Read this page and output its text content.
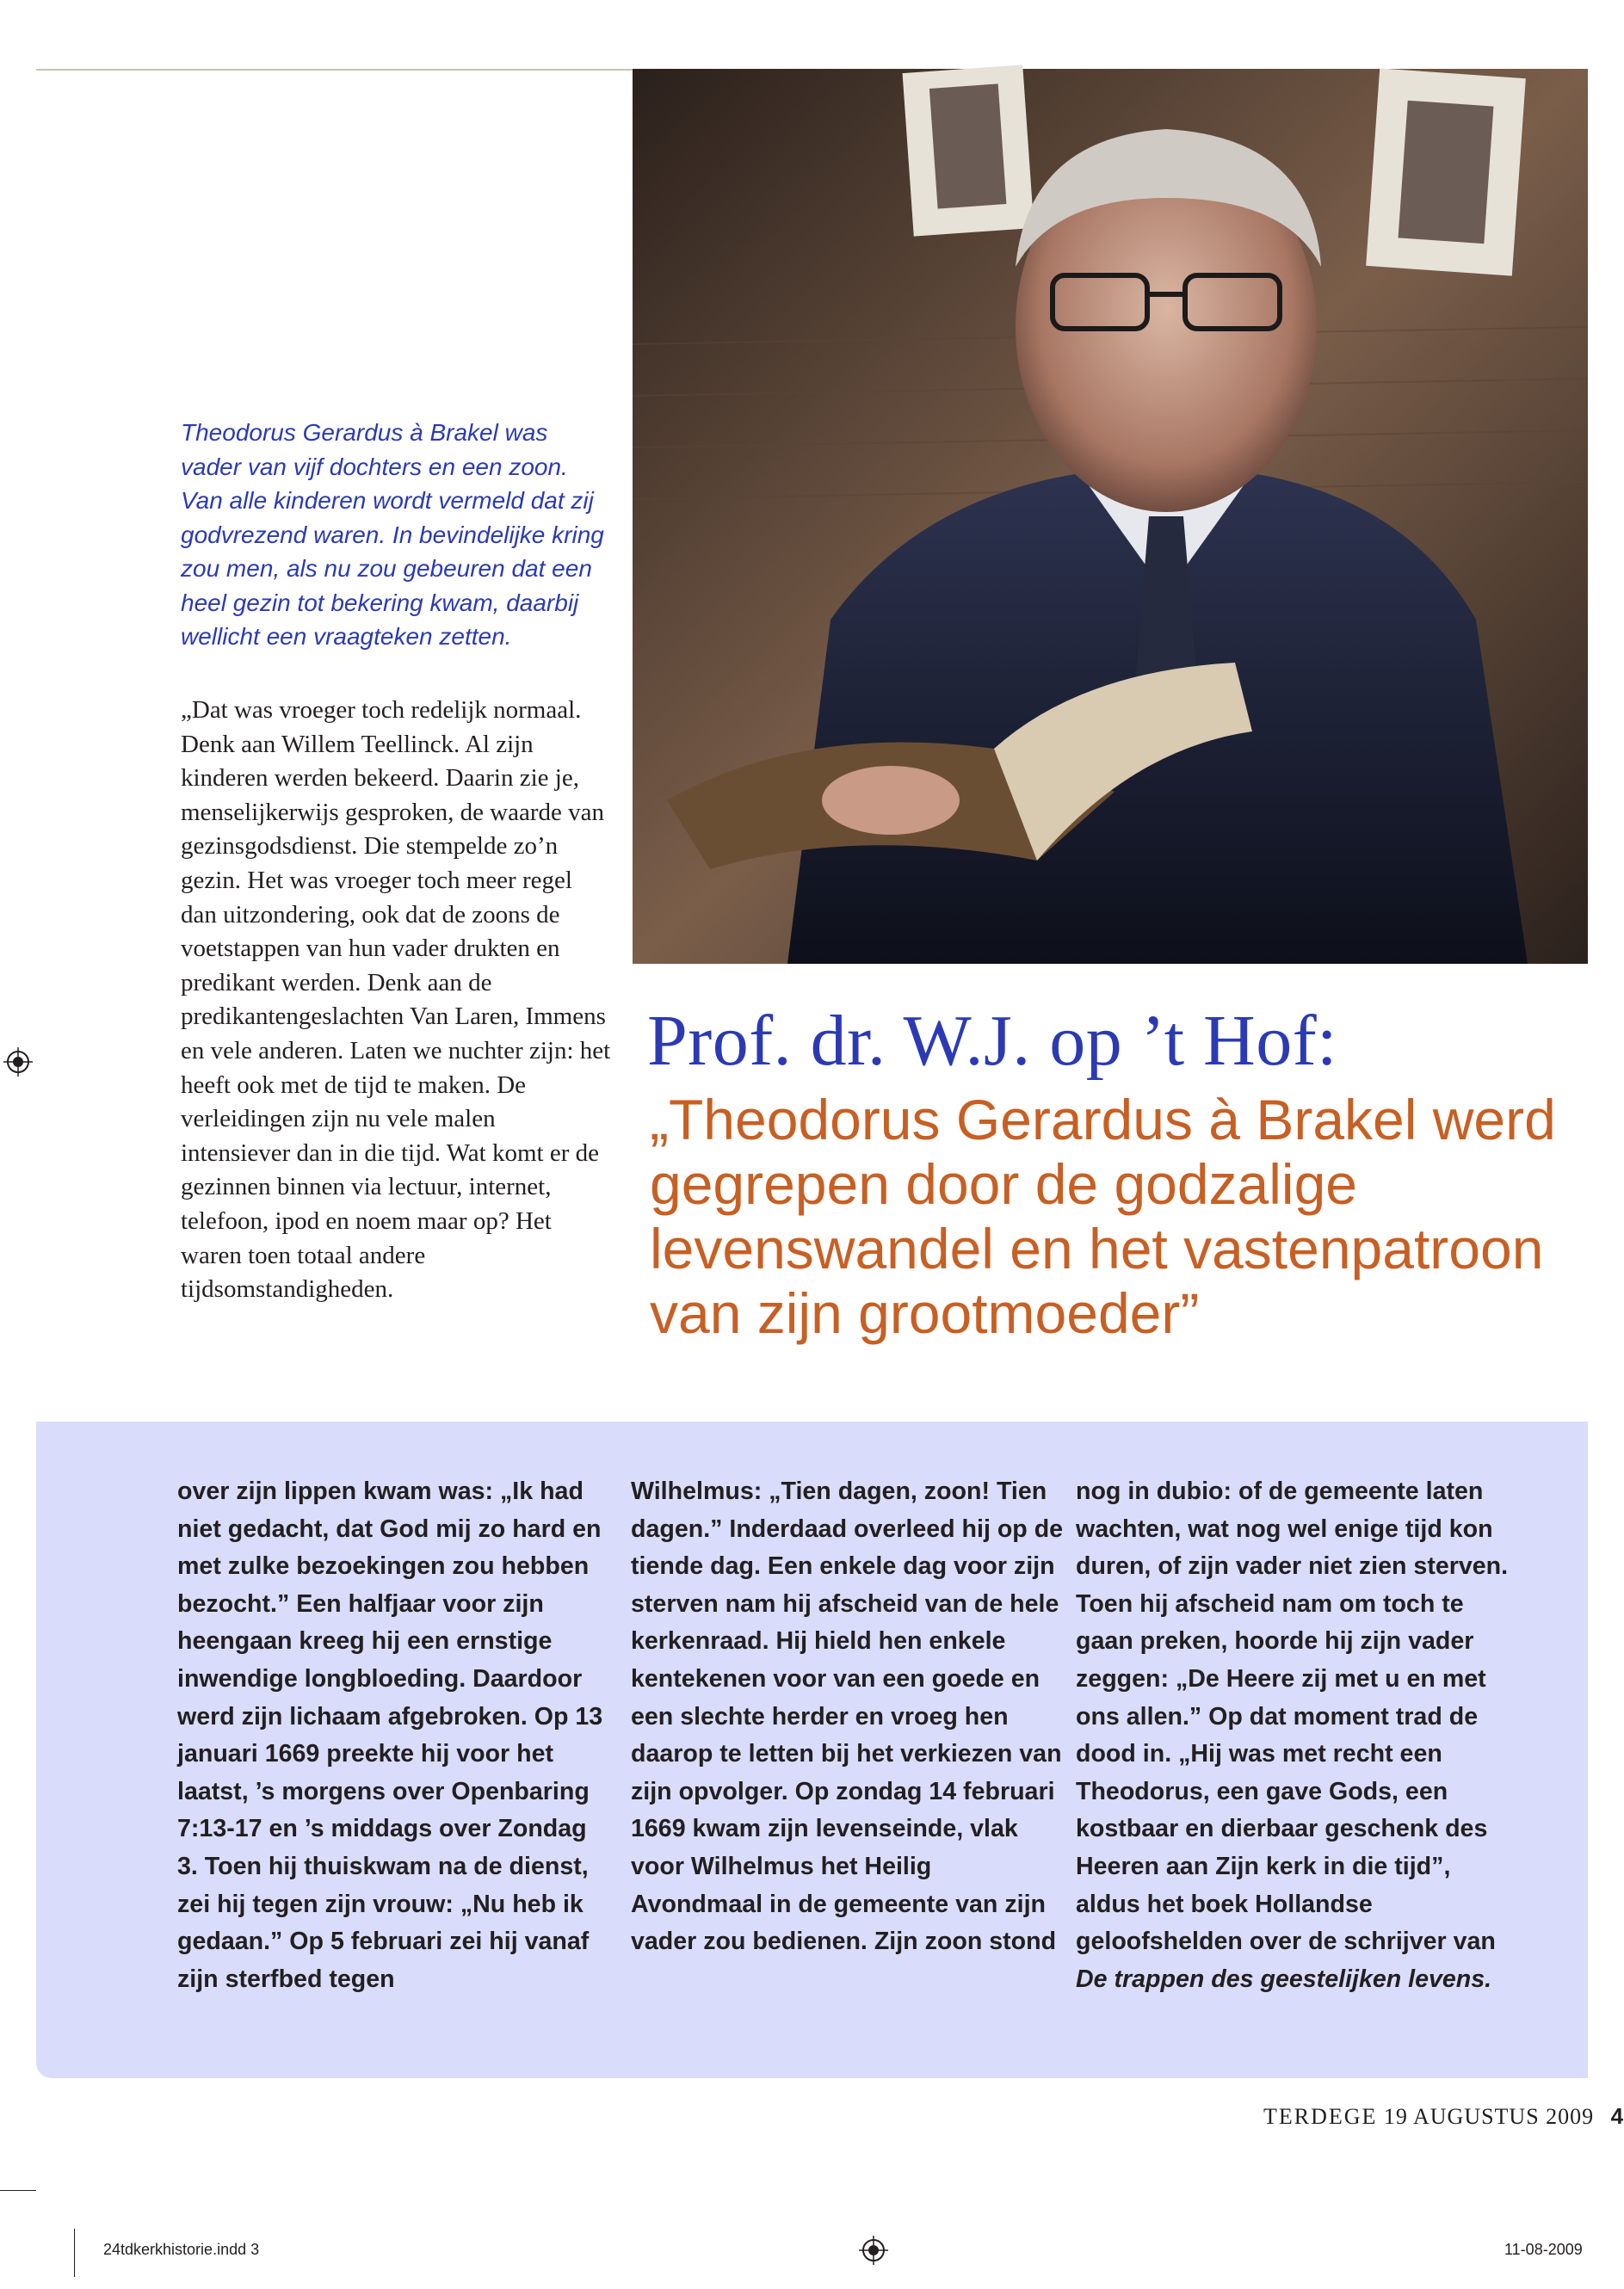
Theodorus Gerardus à Brakel was vader van vijf dochters en een zoon. Van alle kinderen wordt vermeld dat zij godvrezend waren. In bevindelijke kring zou men, als nu zou gebeuren dat een heel gezin tot bekering kwam, daarbij wellicht een vraagteken zetten.

„Dat was vroeger toch redelijk normaal. Denk aan Willem Teellinck. Al zijn kinderen werden bekeerd. Daarin zie je, menselijkerwijs gesproken, de waarde van gezinsgodsdienst. Die stempelde zo’n gezin. Het was vroeger toch meer regel dan uitzondering, ook dat de zoons de voetstappen van hun vader drukten en predikant werden. Denk aan de predikantengeslachten Van Laren, Immens en vele anderen. Laten we nuchter zijn: het heeft ook met de tijd te maken. De verleidingen zijn nu vele malen intensiever dan in die tijd. Wat komt er de gezinnen binnen via lectuur, internet, telefoon, ipod en noem maar op? Het waren toen totaal andere tijdsomstandigheden.

Prof. dr. W.J. op ’t Hof:

„Theodorus Gerardus à Brakel werd gegrepen door de godzalige levenswandel en het vastenpatroon van zijn grootmoeder”

over zijn lippen kwam was: „Ik had niet gedacht, dat God mij zo hard en met zulke bezoekingen zou hebben bezocht.” Een halfjaar voor zijn heengaan kreeg hij een ernstige inwendige longbloeding. Daardoor werd zijn lichaam afgebroken. Op 13 januari 1669 preekte hij voor het laatst, ’s morgens over Openbaring 7:13-17 en ’s middags over Zondag 3. Toen hij thuiskwam na de dienst, zei hij tegen zijn vrouw: „Nu heb ik gedaan.” Op 5 februari zei hij vanaf zijn sterfbed tegen

Wilhelmus: „Tien dagen, zoon! Tien dagen.” Inderdaad overleed hij op de tiende dag. Een enkele dag voor zijn sterven nam hij afscheid van de hele kerkenraad. Hij hield hen enkele kentekenen voor van een goede en een slechte herder en vroeg hen daarop te letten bij het verkiezen van zijn opvolger. Op zondag 14 februari 1669 kwam zijn levenseinde, vlak voor Wilhelmus het Heilig Avondmaal in de gemeente van zijn vader zou bedienen. Zijn zoon stond

nog in dubio: of de gemeente laten wachten, wat nog wel enige tijd kon duren, of zijn vader niet zien sterven. Toen hij afscheid nam om toch te gaan preken, hoorde hij zijn vader zeggen: „De Heere zij met u en met ons allen.” Op dat moment trad de dood in. „Hij was met recht een Theodorus, een gave Gods, een kostbaar en dierbaar geschenk des Heeren aan Zijn kerk in die tijd”, aldus het boek Hollandse geloofshelden over de schrijver van De trappen des geestelijken levens.

TERDEGE 19 AUGUSTUS 2009 4
24tdkerkhistorie.indd 3	11-08-2009
